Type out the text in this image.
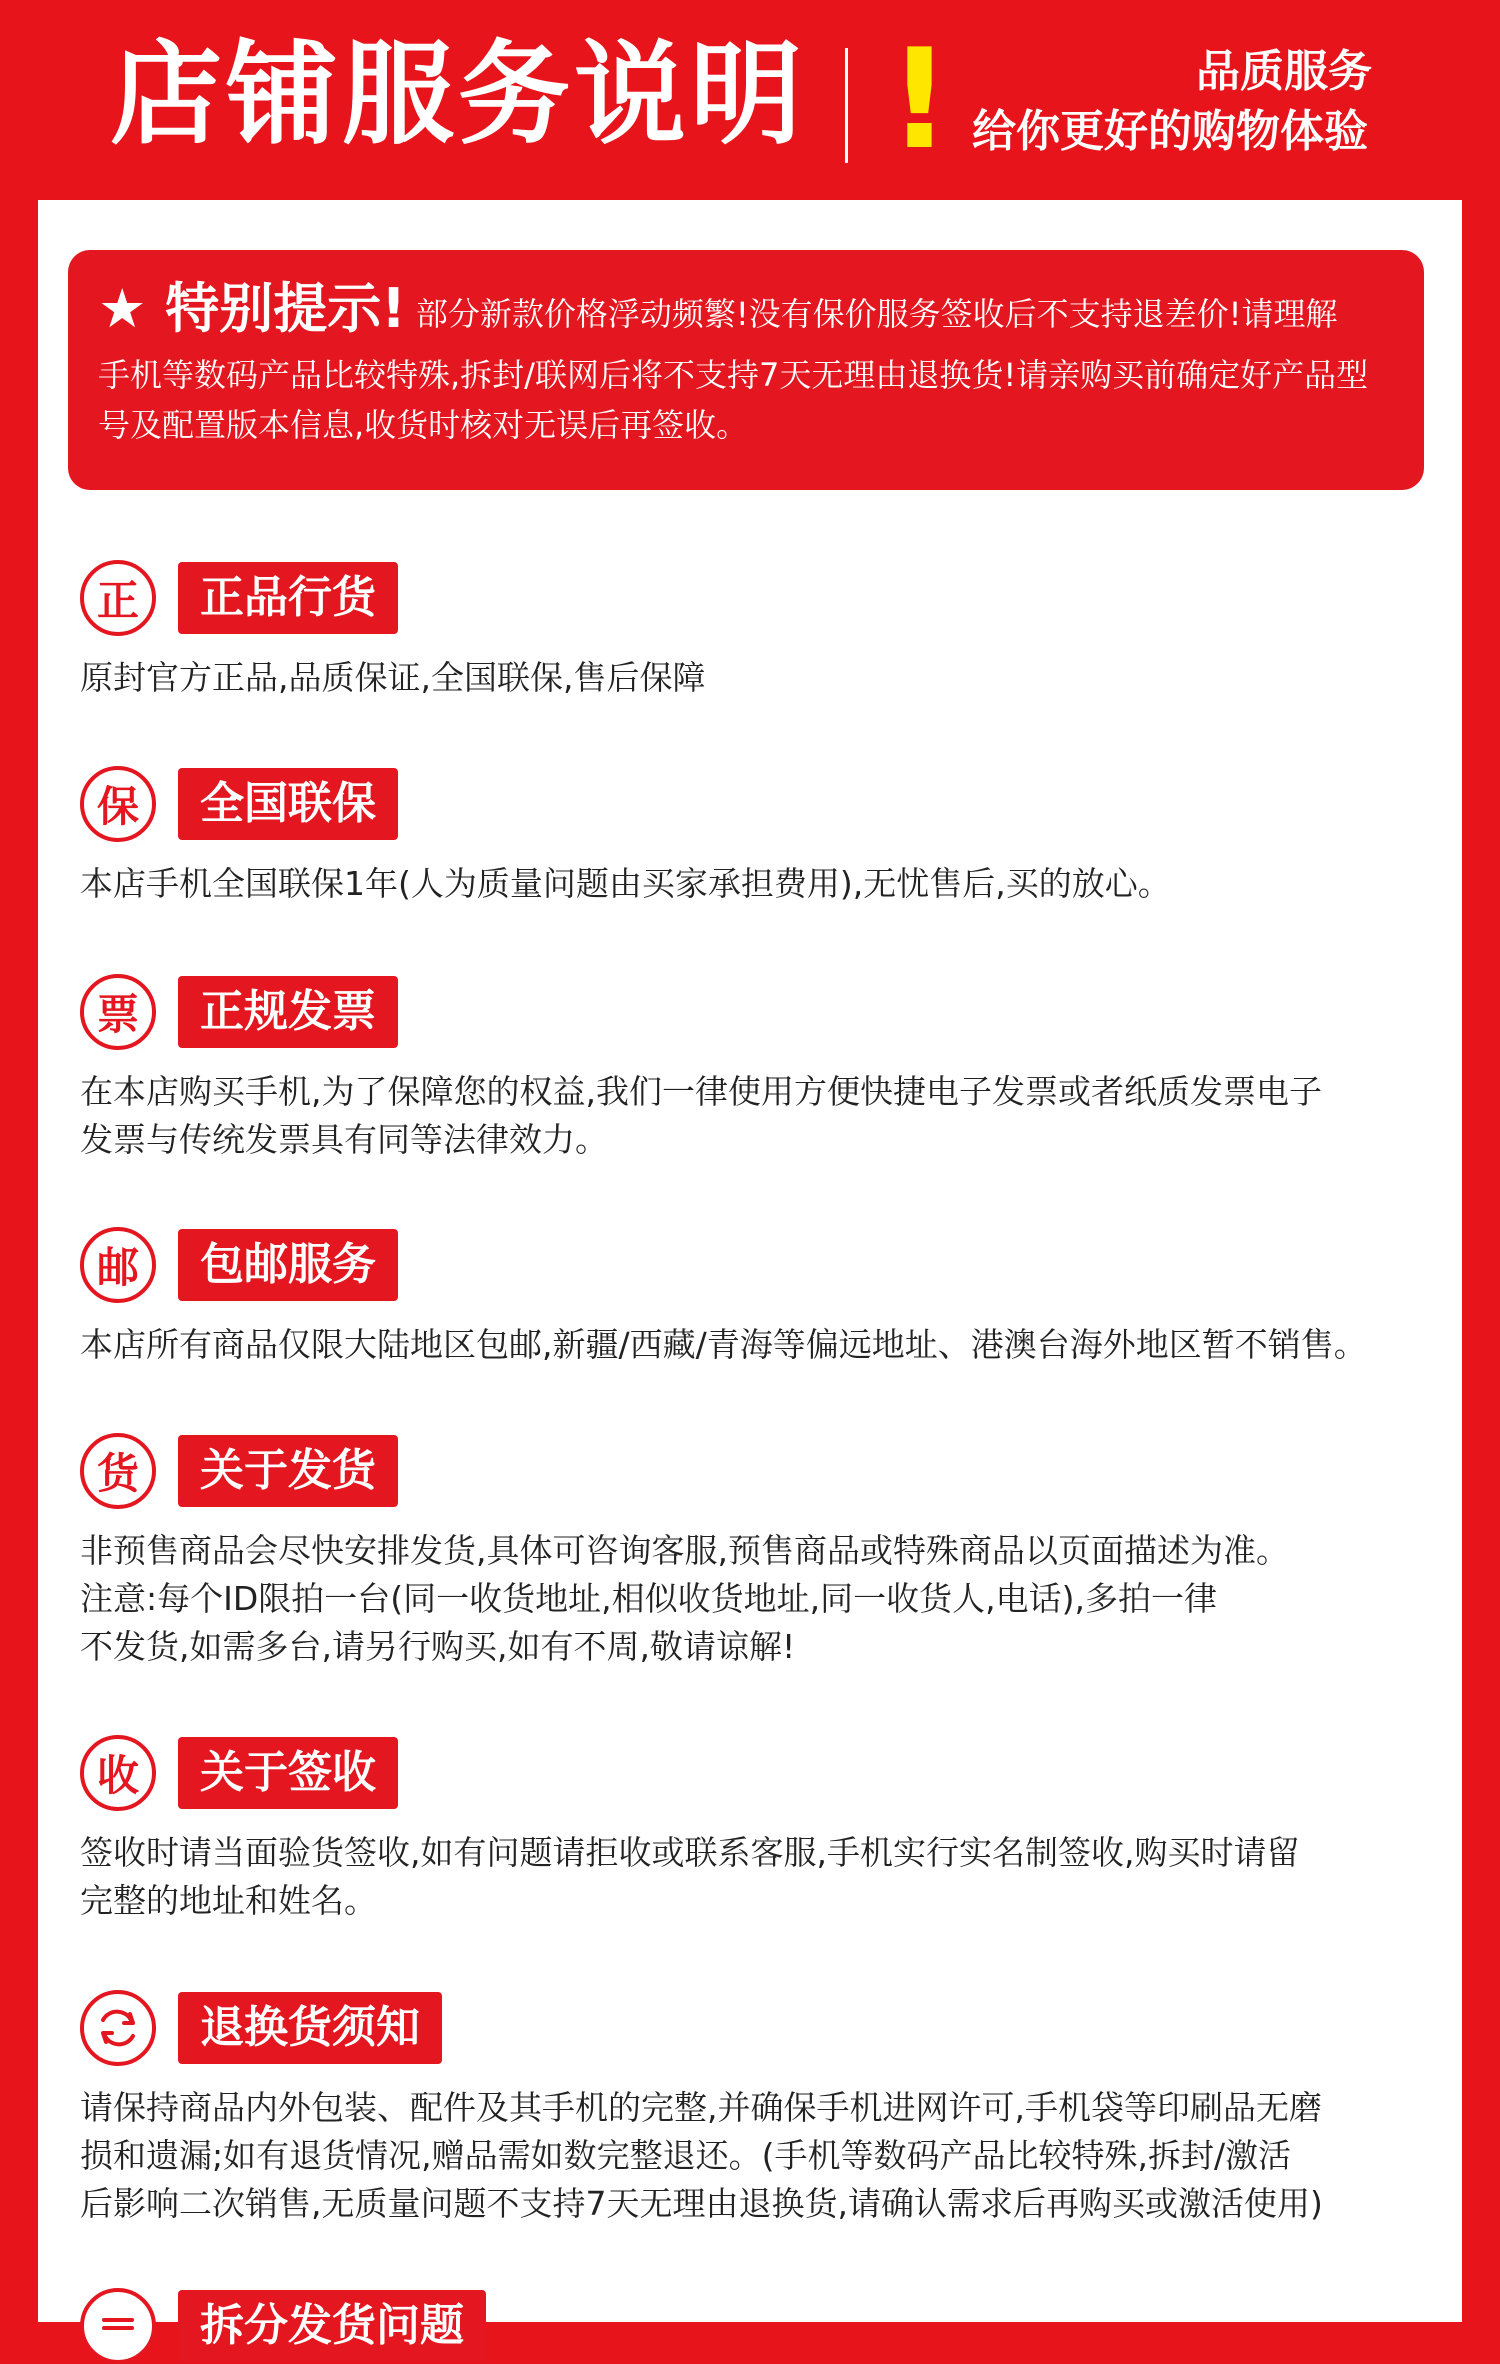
店铺服务说明 !	品质服务
给你更好的购物体验
★ 特别提示! 部分新款价格浮动频繁!没有保价服务签收后不支持退差价!请理解
手机等数码产品比较特殊,拆封/联网后将不支持7天无理由退换货!请亲购买前确定好产品型号及配置版本信息,收货时核对无误后再签收。
正	正品行货
原封官方正品,品质保证,全国联保,售后保障
保	全国联保
本店手机全国联保1年(人为质量问题由买家承担费用),无忧售后,买的放心。
票	正规发票
在本店购买手机,为了保障您的权益,我们一律使用方便快捷电子发票或者纸质发票电子
发票与传统发票具有同等法律效力。
邮	包邮服务
本店所有商品仅限大陆地区包邮,新疆/西藏/青海等偏远地址、港澳台海外地区暂不销售。
货	关于发货
非预售商品会尽快安排发货,具体可咨询客服,预售商品或特殊商品以页面描述为准。
注意:每个ID限拍一台(同一收货地址,相似收货地址,同一收货人,电话),多拍一律
不发货,如需多台,请另行购买,如有不周,敬请谅解!
收	关于签收
签收时请当面验货签收,如有问题请拒收或联系客服,手机实行实名制签收,购买时请留
完整的地址和姓名。
退换货须知
请保持商品内外包装、配件及其手机的完整,并确保手机进网许可,手机袋等印刷品无磨
损和遗漏;如有退货情况,赠品需如数完整退还。(手机等数码产品比较特殊,拆封/激活
后影响二次销售,无质量问题不支持7天无理由退换货,请确认需求后再购买或激活使用)
拆分发货问题
